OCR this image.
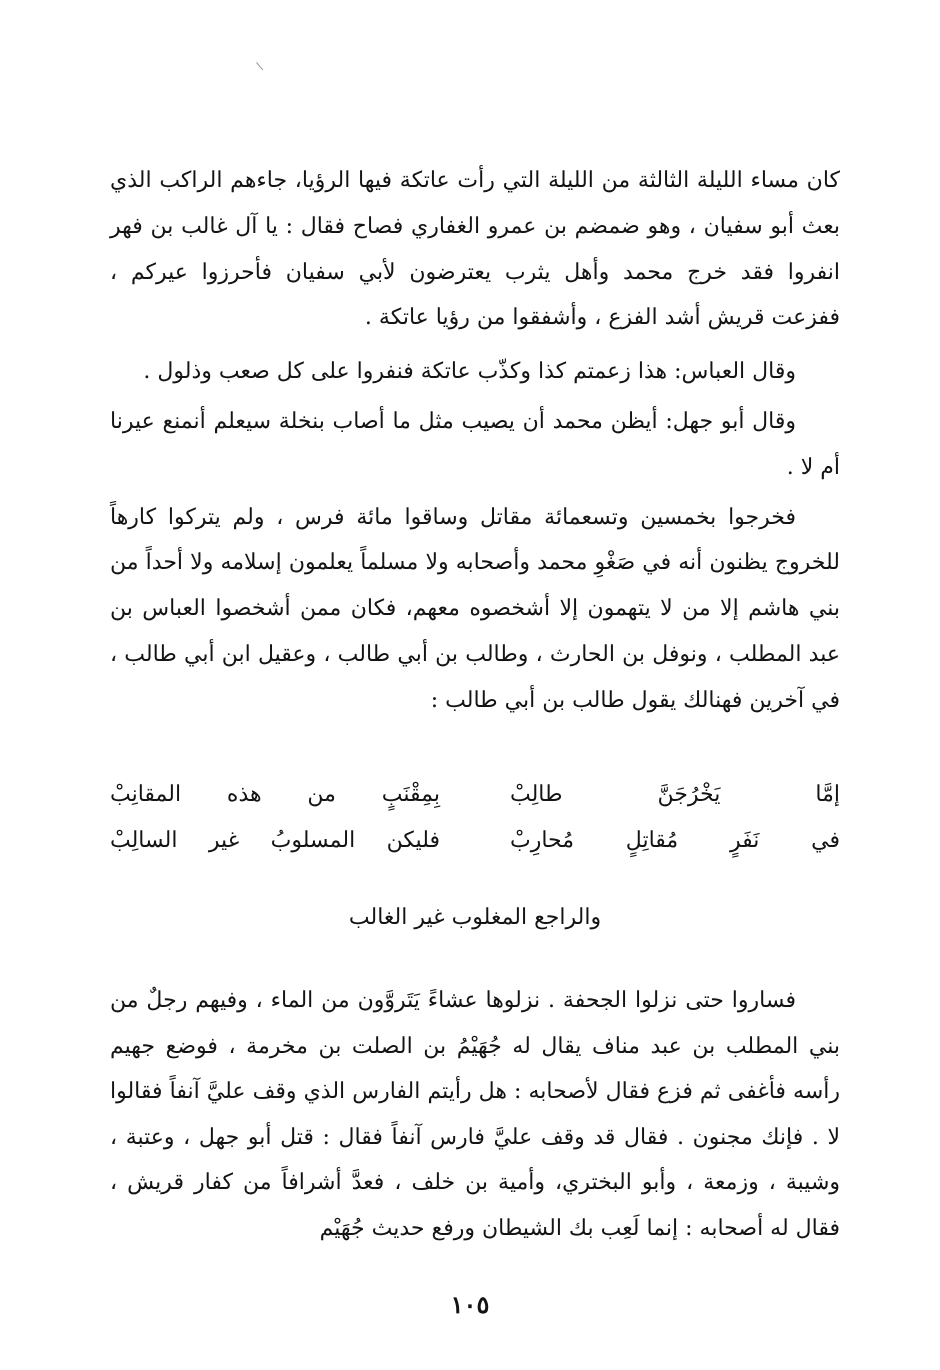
كان مساء الليلة الثالثة من الليلة التي رأت عاتكة فيها الرؤيا، جاءهم الراكب الذي بعث أبو سفيان ، وهو ضمضم بن عمرو الغفاري فصاح فقال : يا آل غالب بن فهر انفروا فقد خرج محمد وأهل يثرب يعترضون لأبي سفيان فأحرزوا عيركم ، ففزعت قريش أشد الفزع ، وأشفقوا من رؤيا عاتكة .

وقال العباس: هذا زعمتم كذا وكذّب عاتكة فنفروا على كل صعب وذلول .

وقال أبو جهل: أيظن محمد أن يصيب مثل ما أصاب بنخلة سيعلم أنمنع عيرنا أم لا .

فخرجوا بخمسين وتسعمائة مقاتل وساقوا مائة فرس ، ولم يتركوا كارهاً للخروج يظنون أنه في صَغْوِ محمد وأصحابه ولا مسلماً يعلمون إسلامه ولا أحداً من بني هاشم إلا من لا يتهمون إلا أشخصوه معهم، فكان ممن أشخصوا العباس بن عبد المطلب ، ونوفل بن الحارث ، وطالب بن أبي طالب ، وعقيل ابن أبي طالب ، في آخرين فهنالك يقول طالب بن أبي طالب :

إمَّا يَخْرُجَنَّ طالِبْ
بِمِقْنَبٍ من هذه المقانِبْ
في نَفَرٍ مُقاتِلٍ مُحارِبْ
فليكن المسلوبُ غير السالِبْ
والراجع المغلوب غير الغالب

فساروا حتى نزلوا الجحفة . نزلوها عشاءً يَتَروَّون من الماء ، وفيهم رجلٌ من بني المطلب بن عبد مناف يقال له جُهَيْمُ بن الصلت بن مخرمة ، فوضع جهيم رأسه فأغفى ثم فزع فقال لأصحابه : هل رأيتم الفارس الذي وقف عليَّ آنفاً فقالوا لا . فإنك مجنون . فقال قد وقف عليَّ فارس آنفاً فقال : قتل أبو جهل ، وعتبة ، وشيبة ، وزمعة ، وأبو البختري، وأمية بن خلف ، فعدَّ أشرافاً من كفار قريش ، فقال له أصحابه : إنما لَعِب بك الشيطان ورفع حديث جُهَيْم

١٠٥
